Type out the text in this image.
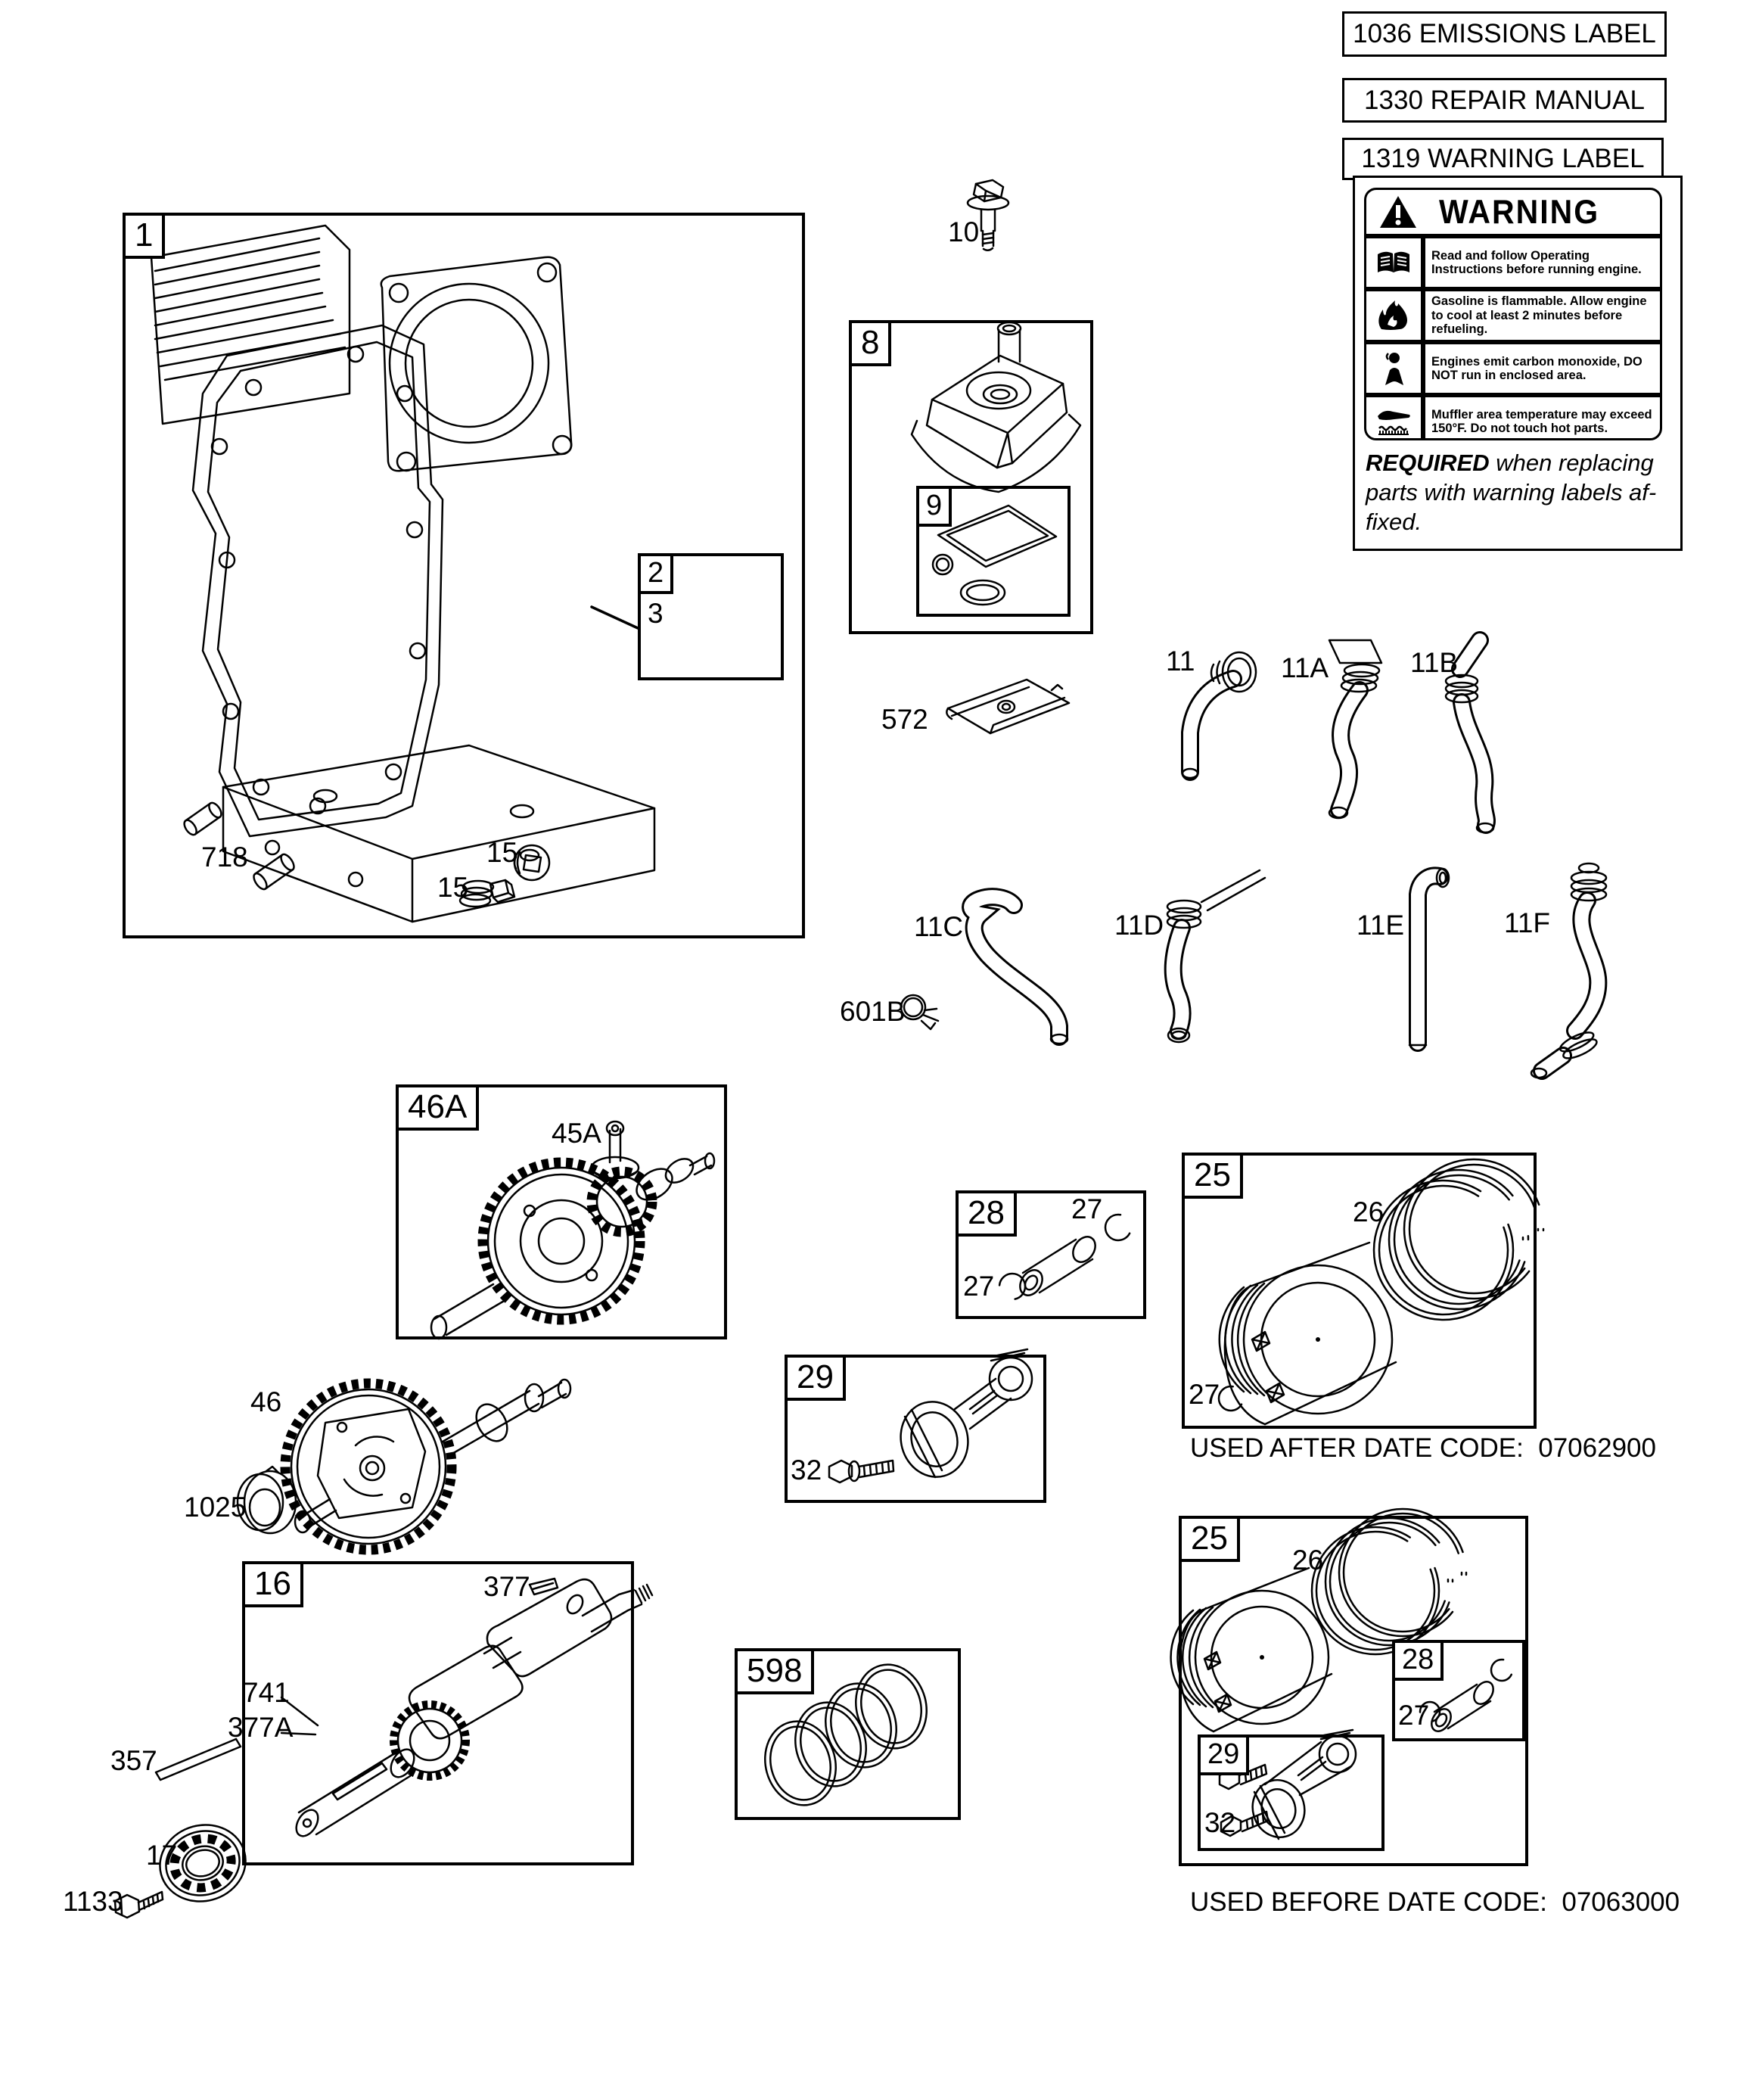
1
2
8
9
46A
16
25
28
29
25
28
29
598
3
10
572
718	15
15
11	11A	11B
11C
601B
11D	11E	11F
45A
46
1025
377
741
377A
357
17
1133
26
27
27
27
32
26
27
32
USED AFTER DATE CODE:  07062900
USED BEFORE DATE CODE:  07063000
1036 EMISSIONS LABEL
1330 REPAIR MANUAL
1319 WARNING LABEL
WARNING
Read and follow Operating Instructions before running engine.
Gasoline is flammable. Allow engine to cool at least 2 minutes before refueling.
Engines emit carbon monoxide, DO NOT run in enclosed area.
Muffler area temperature may exceed 150°F. Do not touch hot parts.
REQUIRED when replacing
parts with warning labels af-
fixed.
